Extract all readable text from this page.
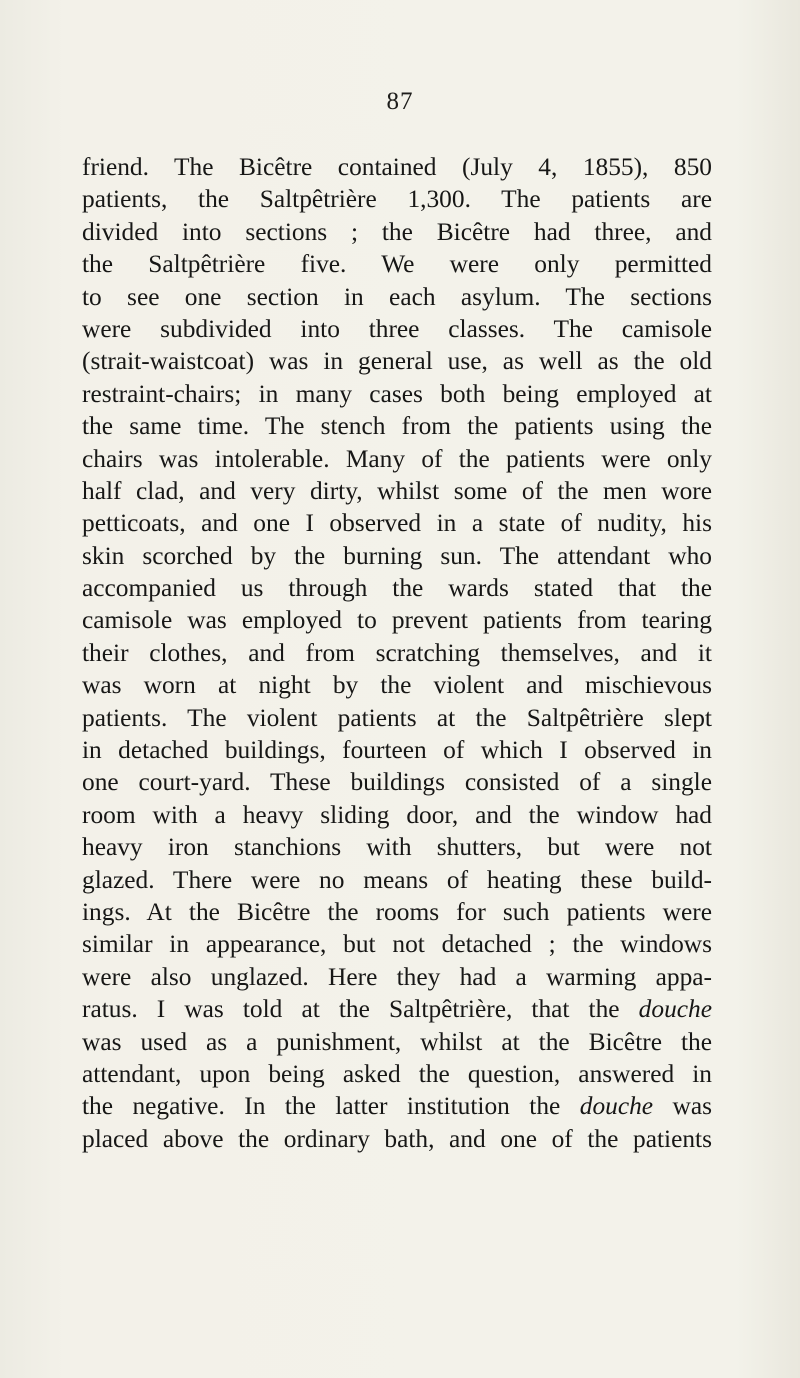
87
friend. The Bicêtre contained (July 4, 1855), 850
patients, the Saltpêtrière 1,300. The patients are
divided into sections ; the Bicêtre had three, and
the Saltpêtrière five. We were only permitted
to see one section in each asylum. The sections
were subdivided into three classes. The camisole
(strait-waistcoat) was in general use, as well as the old
restraint-chairs; in many cases both being employed at
the same time. The stench from the patients using the
chairs was intolerable. Many of the patients were only
half clad, and very dirty, whilst some of the men wore
petticoats, and one I observed in a state of nudity, his
skin scorched by the burning sun. The attendant who
accompanied us through the wards stated that the
camisole was employed to prevent patients from tearing
their clothes, and from scratching themselves, and it
was worn at night by the violent and mischievous
patients. The violent patients at the Saltpêtrière slept
in detached buildings, fourteen of which I observed in
one court-yard. These buildings consisted of a single
room with a heavy sliding door, and the window had
heavy iron stanchions with shutters, but were not
glazed. There were no means of heating these build-
ings. At the Bicêtre the rooms for such patients were
similar in appearance, but not detached ; the windows
were also unglazed. Here they had a warming appa-
ratus. I was told at the Saltpêtrière, that the douche
was used as a punishment, whilst at the Bicêtre the
attendant, upon being asked the question, answered in
the negative. In the latter institution the douche was
placed above the ordinary bath, and one of the patients
